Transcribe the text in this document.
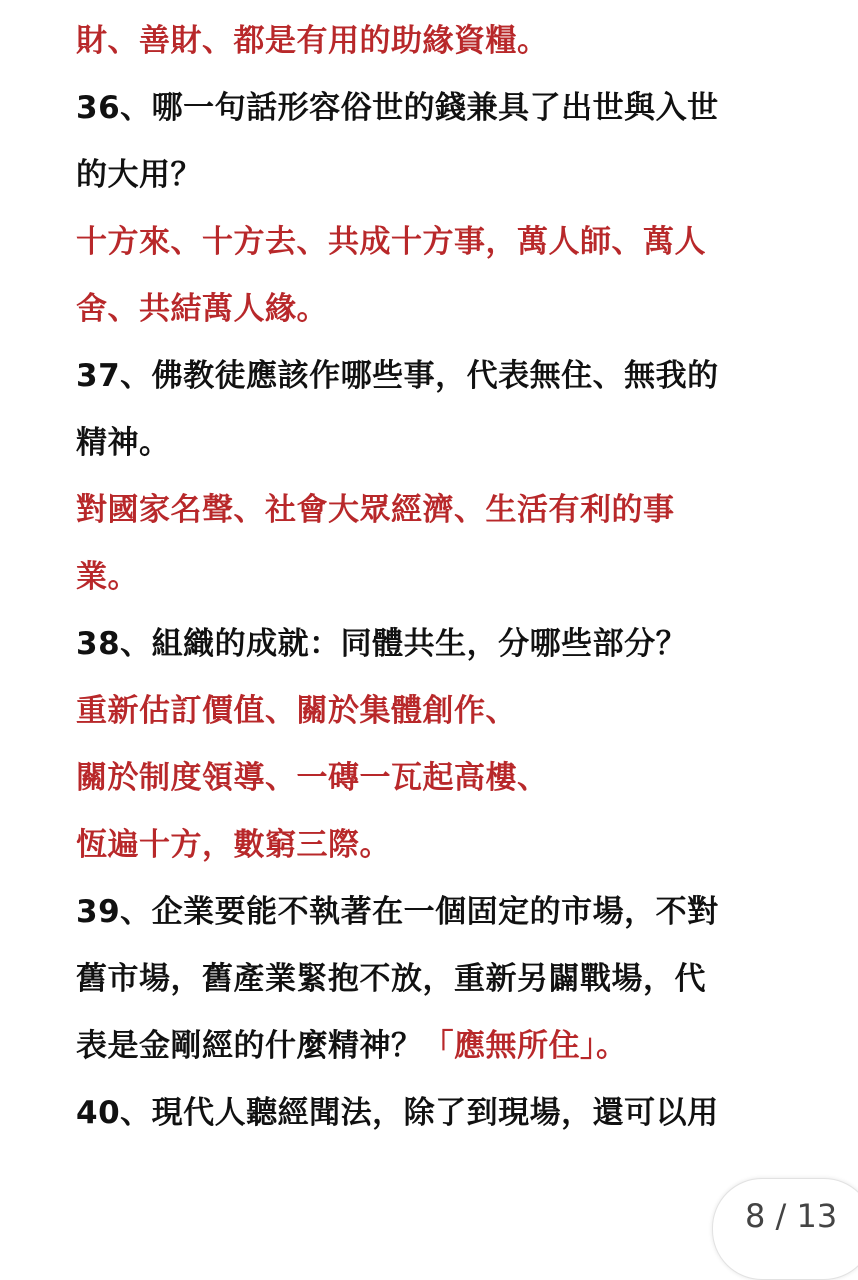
財、善財、都是有用的助緣資糧。
36、哪一句話形容俗世的錢兼具了出世與入世
的大用？
十方來、十方去、共成十方事，萬人師、萬人
舍、共結萬人緣。
37、佛教徒應該作哪些事，代表無住、無我的
精神。
對國家名聲、社會大眾經濟、生活有利的事
業。
38、組織的成就：同體共生，分哪些部分？
重新估訂價值、關於集體創作、
關於制度領導、一磚一瓦起高樓、
恆遍十方，數窮三際。
39、企業要能不執著在一個固定的市場，不對
舊市場，舊產業緊抱不放，重新另闢戰場，代
表是金剛經的什麼精神？「應無所住」。
40、現代人聽經聞法，除了到現場，還可以用
8 / 13
